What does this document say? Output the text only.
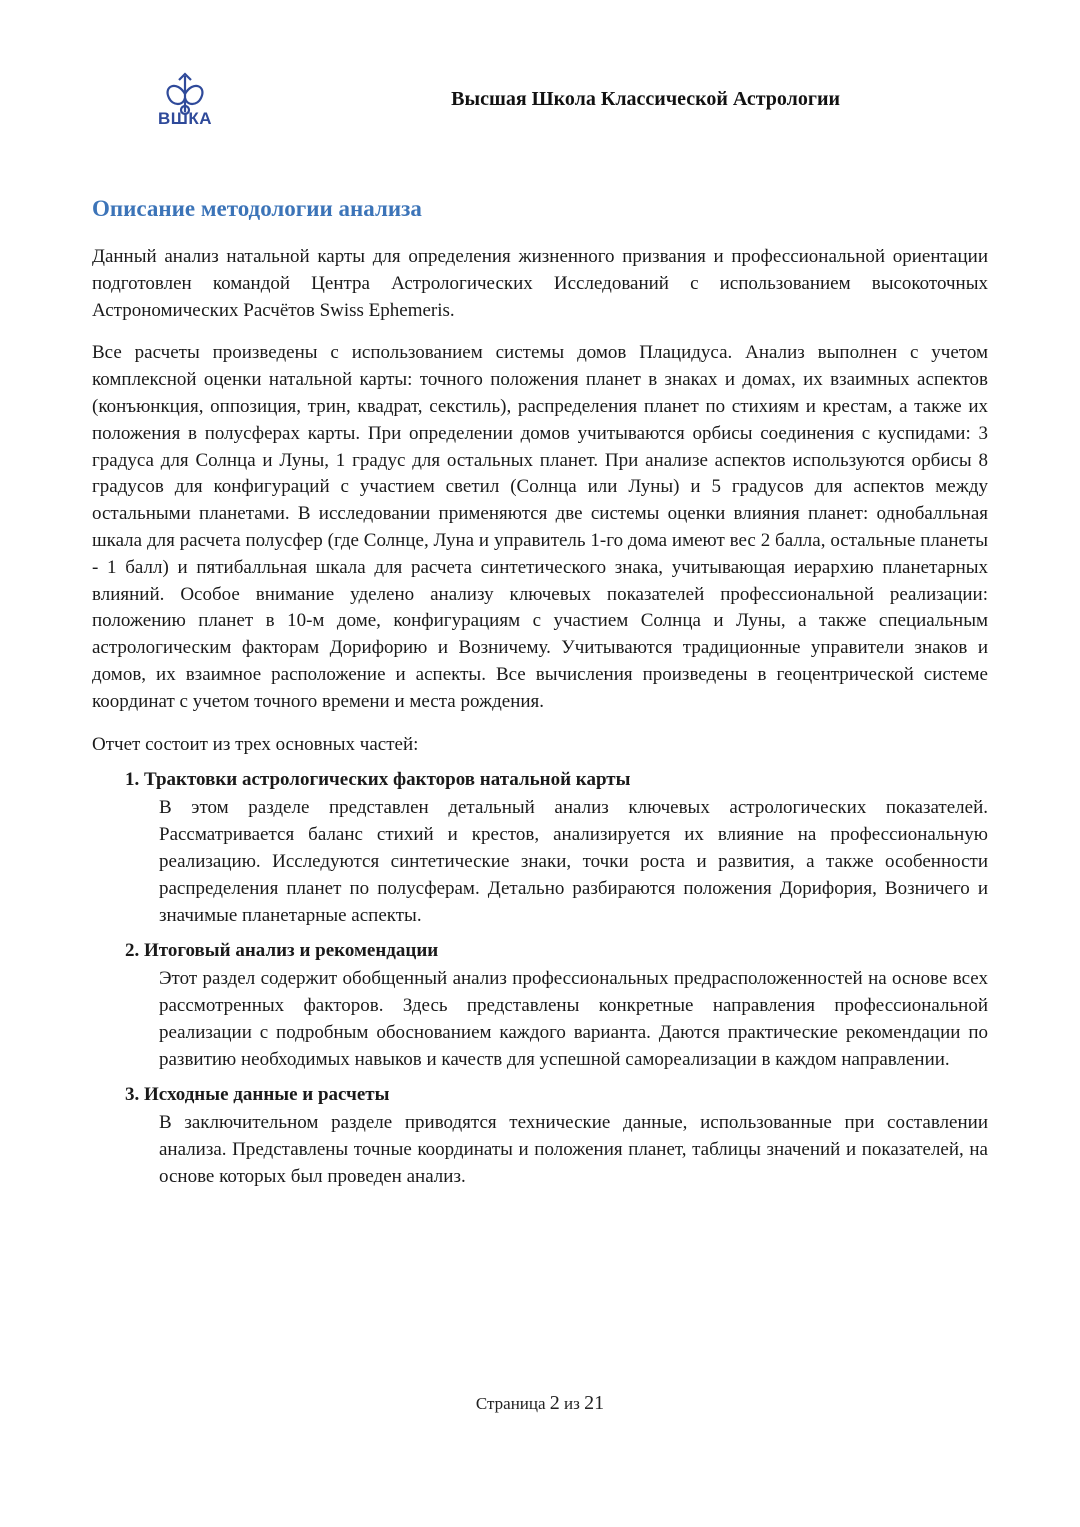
ВШКА
Высшая Школа Классической Астрологии
Описание методологии анализа

Данный анализ натальной карты для определения жизненного призвания и профессиональной ориентации подготовлен командой Центра Астрологических Исследований с использованием высокоточных Астрономических Расчётов Swiss Ephemeris.

Все расчеты произведены с использованием системы домов Плацидуса. Анализ выполнен с учетом комплексной оценки натальной карты: точного положения планет в знаках и домах, их взаимных аспектов (конъюнкция, оппозиция, трин, квадрат, секстиль), распределения планет по стихиям и крестам, а также их положения в полусферах карты. При определении домов учитываются орбисы соединения с куспидами: 3 градуса для Солнца и Луны, 1 градус для остальных планет. При анализе аспектов используются орбисы 8 градусов для конфигураций с участием светил (Солнца или Луны) и 5 градусов для аспектов между остальными планетами. В исследовании применяются две системы оценки влияния планет: однобалльная шкала для расчета полусфер (где Солнце, Луна и управитель 1-го дома имеют вес 2 балла, остальные планеты - 1 балл) и пятибалльная шкала для расчета синтетического знака, учитывающая иерархию планетарных влияний. Особое внимание уделено анализу ключевых показателей профессиональной реализации: положению планет в 10-м доме, конфигурациям с участием Солнца и Луны, а также специальным астрологическим факторам Дорифорию и Возничему. Учитываются традиционные управители знаков и домов, их взаимное расположение и аспекты. Все вычисления произведены в геоцентрической системе координат с учетом точного времени и места рождения.

Отчет состоит из трех основных частей:

1. Трактовки астрологических факторов натальной карты
В этом разделе представлен детальный анализ ключевых астрологических показателей. Рассматривается баланс стихий и крестов, анализируется их влияние на профессиональную реализацию. Исследуются синтетические знаки, точки роста и развития, а также особенности распределения планет по полусферам. Детально разбираются положения Дорифория, Возничего и значимые планетарные аспекты.
2. Итоговый анализ и рекомендации
Этот раздел содержит обобщенный анализ профессиональных предрасположенностей на основе всех рассмотренных факторов. Здесь представлены конкретные направления профессиональной реализации с подробным обоснованием каждого варианта. Даются практические рекомендации по развитию необходимых навыков и качеств для успешной самореализации в каждом направлении.
3. Исходные данные и расчеты
В заключительном разделе приводятся технические данные, использованные при составлении анализа. Представлены точные координаты и положения планет, таблицы значений и показателей, на основе которых был проведен анализ.
Страница 2 из 21
